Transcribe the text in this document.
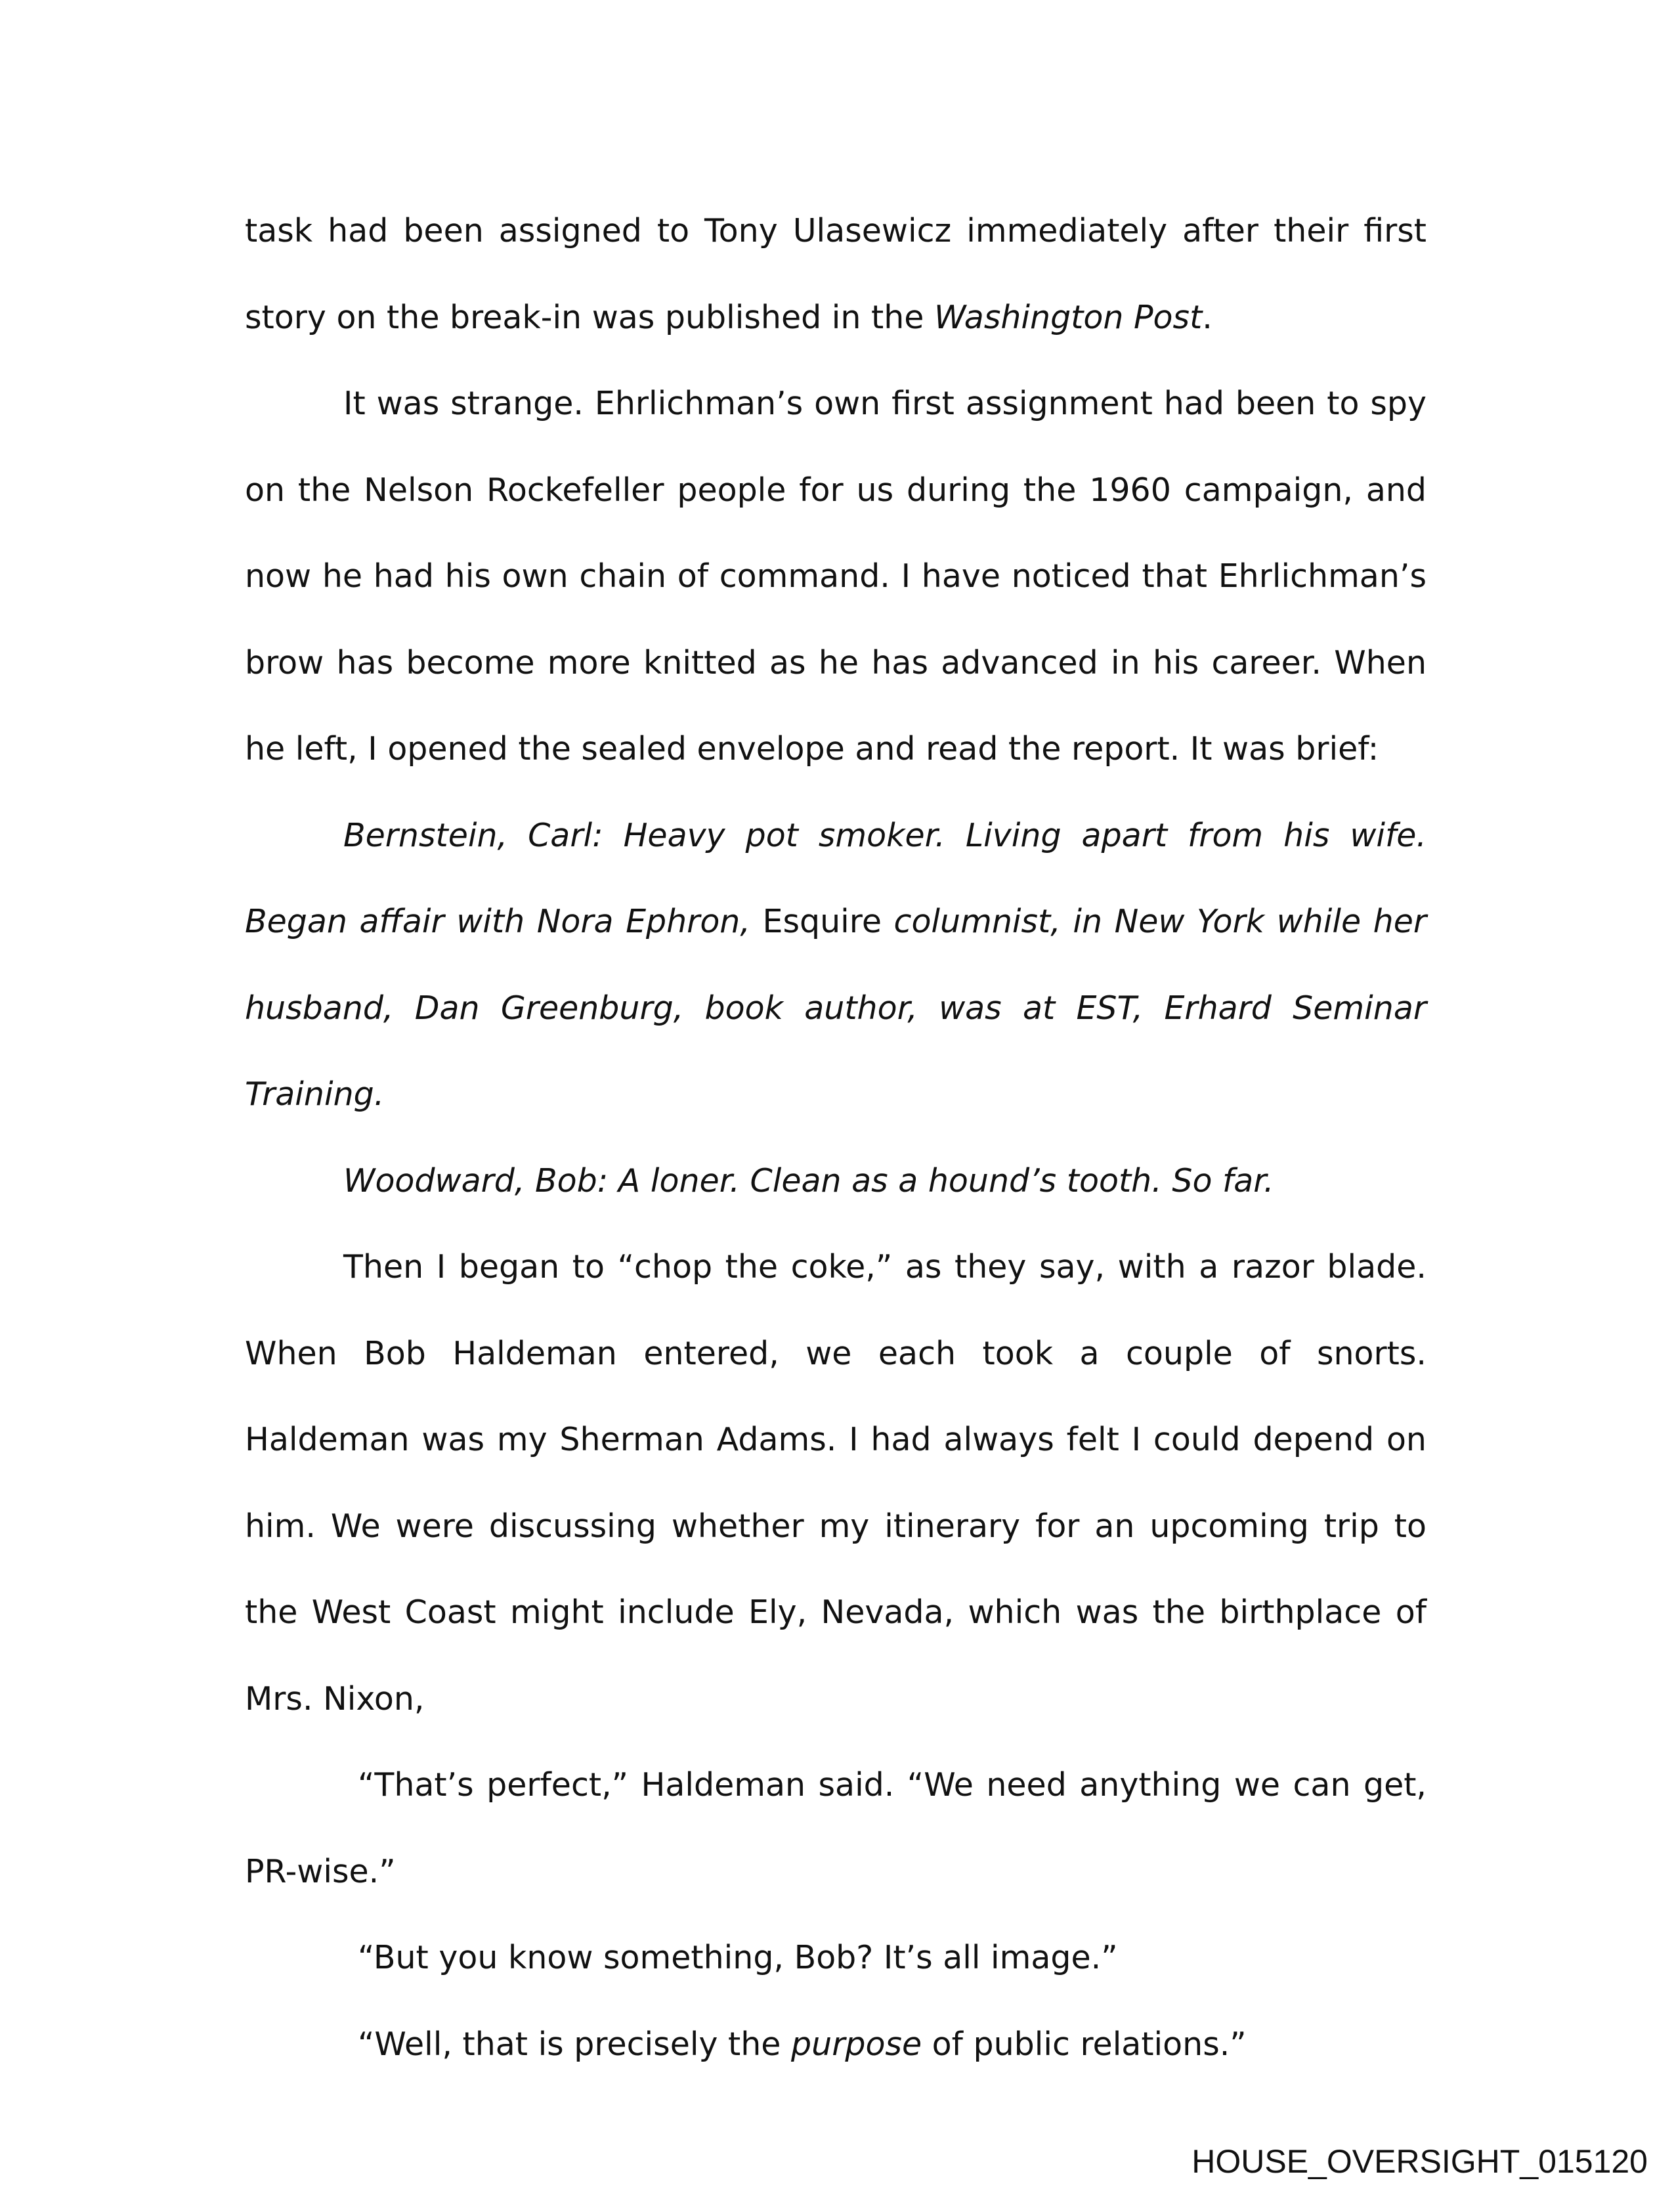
task had been assigned to Tony Ulasewicz immediately after their first story on the break-in was published in the Washington Post.

It was strange. Ehrlichman’s own first assignment had been to spy on the Nelson Rockefeller people for us during the 1960 campaign, and now he had his own chain of command. I have noticed that Ehrlichman’s brow has become more knitted as he has advanced in his career. When he left, I opened the sealed envelope and read the report. It was brief:

Bernstein, Carl: Heavy pot smoker. Living apart from his wife. Began affair with Nora Ephron, Esquire columnist, in New York while her husband, Dan Greenburg, book author, was at EST, Erhard Seminar Training.

Woodward, Bob: A loner. Clean as a hound’s tooth. So far.

Then I began to “chop the coke,” as they say, with a razor blade. When Bob Haldeman entered, we each took a couple of snorts. Haldeman was my Sherman Adams. I had always felt I could depend on him. We were discussing whether my itinerary for an upcoming trip to the West Coast might include Ely, Nevada, which was the birthplace of Mrs. Nixon,

“That’s perfect,” Haldeman said. “We need anything we can get, PR-wise.”

“But you know something, Bob? It’s all image.”

“Well, that is precisely the purpose of public relations.”

HOUSE_OVERSIGHT_015120
